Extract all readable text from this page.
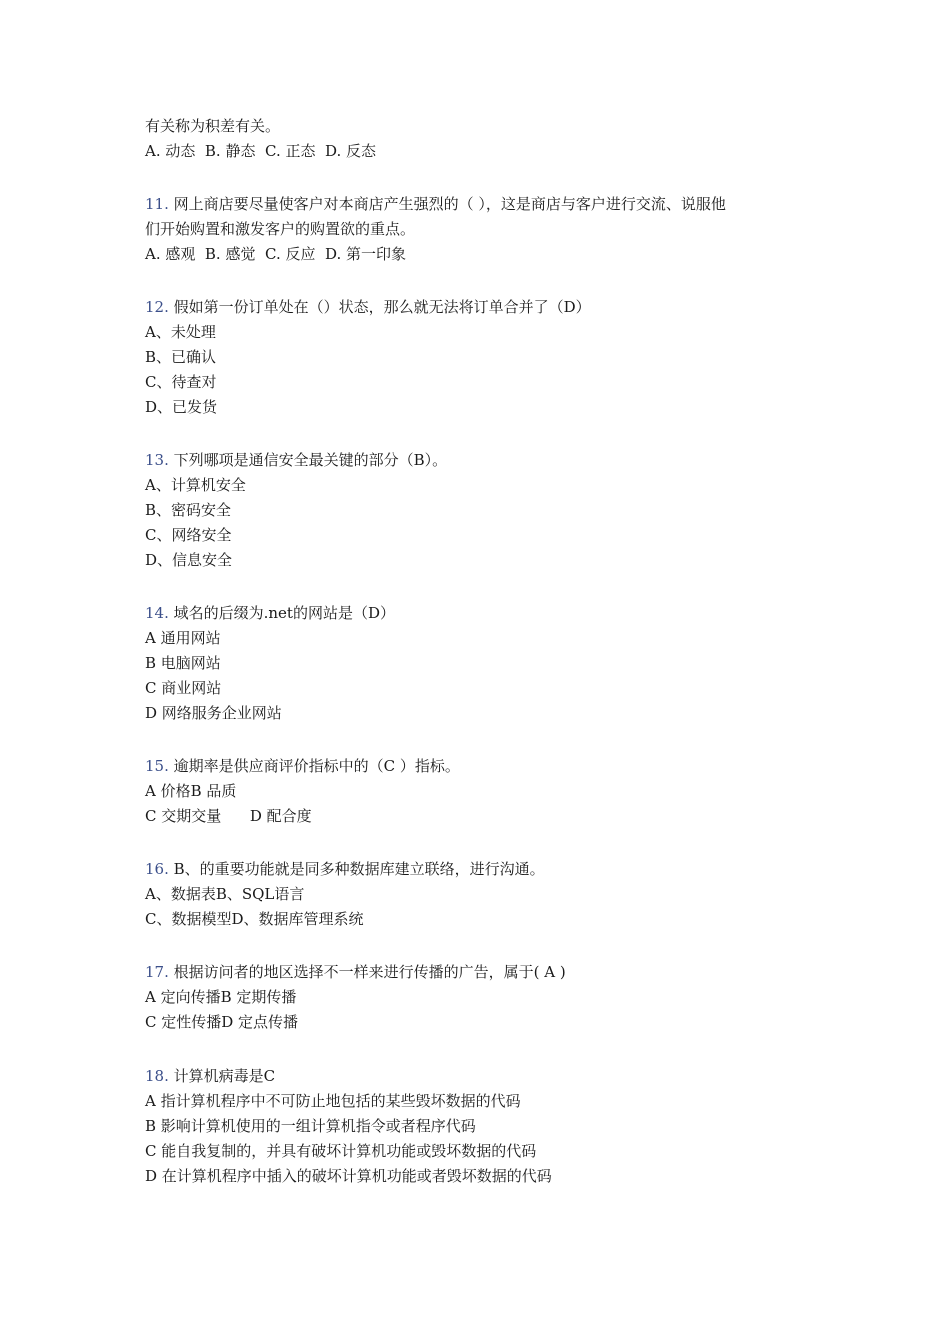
有关称为积差有关。
A. 动态  B. 静态  C. 正态  D. 反态
11. 网上商店要尽量使客户对本商店产生强烈的（ ），这是商店与客户进行交流、说服他
们开始购置和激发客户的购置欲的重点。
A. 感观  B. 感觉  C. 反应  D. 第一印象
12. 假如第一份订单处在（）状态，那么就无法将订单合并了（D）
A、未处理
B、已确认
C、待查对
D、已发货
13. 下列哪项是通信安全最关键的部分（B）。
A、计算机安全
B、密码安全
C、网络安全
D、信息安全
14. 域名的后缀为.net的网站是（D）
A 通用网站
B 电脑网站
C 商业网站
D 网络服务企业网站
15. 逾期率是供应商评价指标中的（C ）指标。
A 价格B 品质
C 交期交量      D 配合度
16. B、的重要功能就是同多种数据库建立联络，进行沟通。
A、数据表B、SQL语言
C、数据模型D、数据库管理系统
17. 根据访问者的地区选择不一样来进行传播的广告，属于( A )
A 定向传播B 定期传播
C 定性传播D 定点传播
18. 计算机病毒是C
A 指计算机程序中不可防止地包括的某些毁坏数据的代码
B 影响计算机使用的一组计算机指令或者程序代码
C 能自我复制的，并具有破坏计算机功能或毁坏数据的代码
D 在计算机程序中插入的破坏计算机功能或者毁坏数据的代码
